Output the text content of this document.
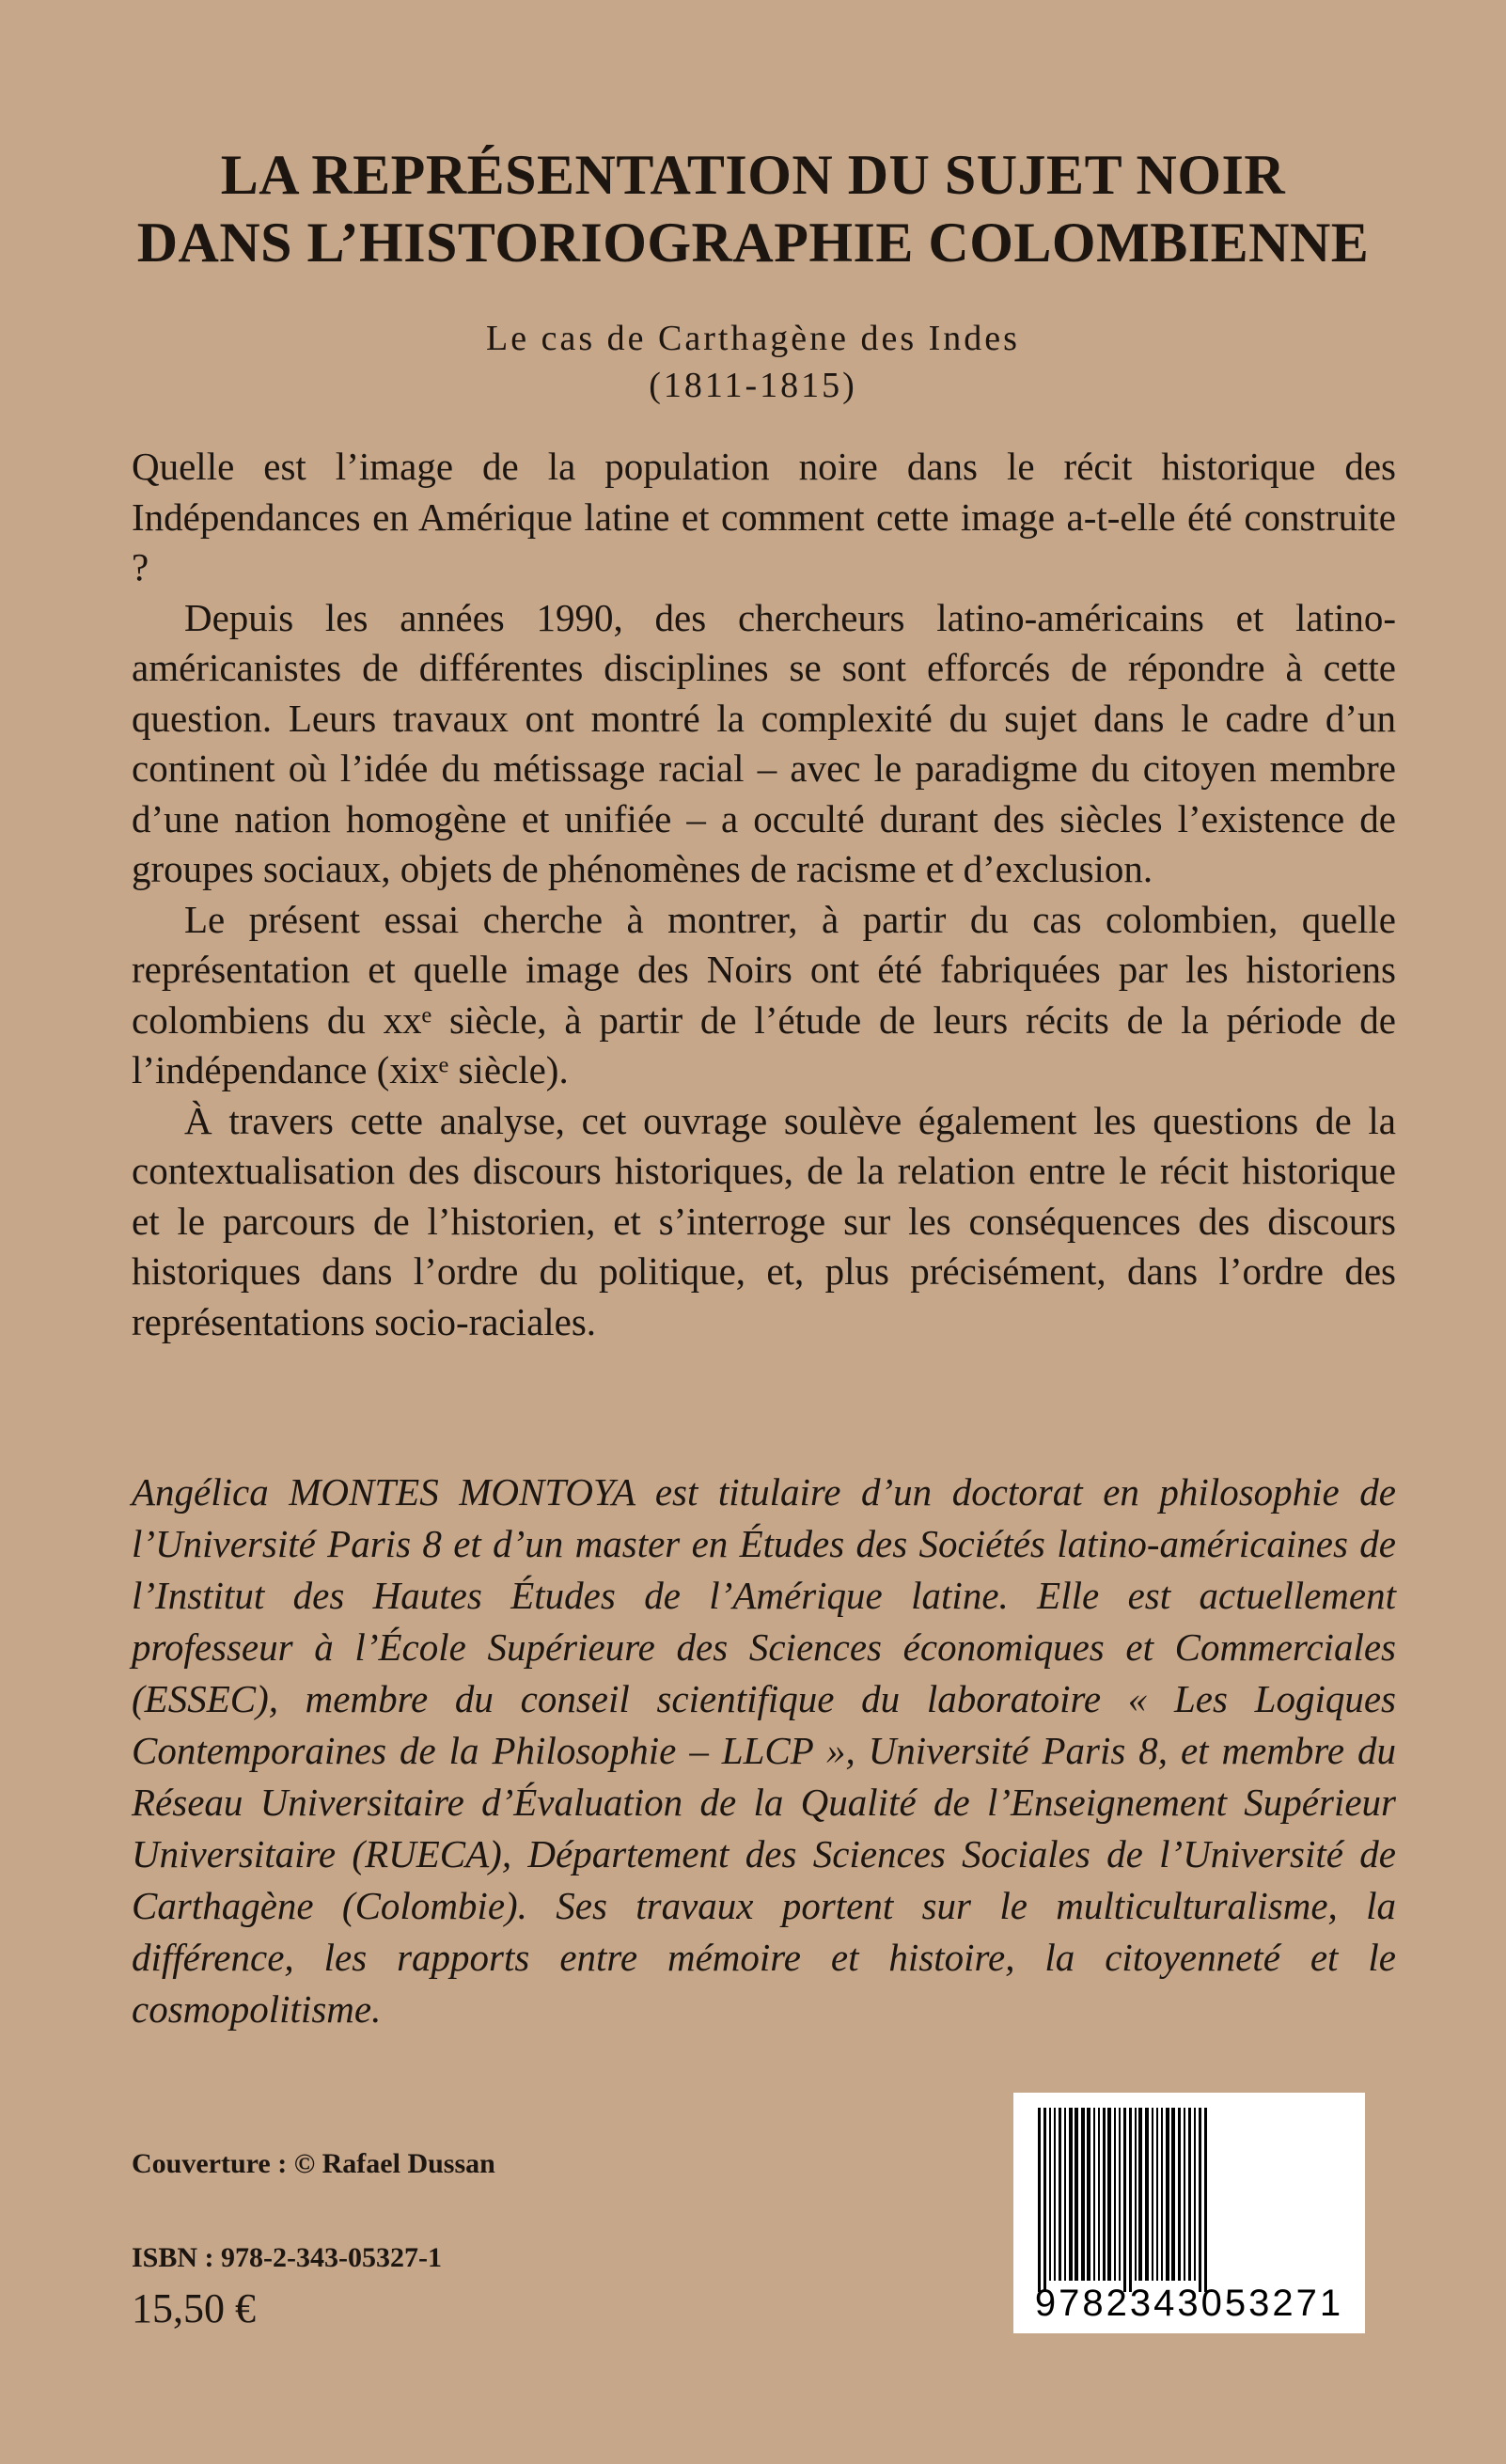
LA REPRÉSENTATION DU SUJET NOIR
DANS L’HISTORIOGRAPHIE COLOMBIENNE
Le cas de Carthagène des Indes
(1811-1815)

Quelle est l’image de la population noire dans le récit historique des Indépendances en Amérique latine et comment cette image a-t-elle été construite ?

Depuis les années 1990, des chercheurs latino-américains et latino-américanistes de différentes disciplines se sont efforcés de répondre à cette question. Leurs travaux ont montré la complexité du sujet dans le cadre d’un continent où l’idée du métissage racial – avec le paradigme du citoyen membre d’une nation homogène et unifiée – a occulté durant des siècles l’existence de groupes sociaux, objets de phénomènes de racisme et d’exclusion.

Le présent essai cherche à montrer, à partir du cas colombien, quelle représentation et quelle image des Noirs ont été fabriquées par les historiens colombiens du xxᵉ siècle, à partir de l’étude de leurs récits de la période de l’indépendance (xixᵉ siècle).

À travers cette analyse, cet ouvrage soulève également les questions de la contextualisation des discours historiques, de la relation entre le récit historique et le parcours de l’historien, et s’interroge sur les conséquences des discours historiques dans l’ordre du politique, et, plus précisément, dans l’ordre des représentations socio-raciales.

Angélica MONTES MONTOYA est titulaire d’un doctorat en philosophie de l’Université Paris 8 et d’un master en Études des Sociétés latino-américaines de l’Institut des Hautes Études de l’Amérique latine. Elle est actuellement professeur à l’École Supérieure des Sciences économiques et Commerciales (ESSEC), membre du conseil scientifique du laboratoire « Les Logiques Contemporaines de la Philosophie – LLCP », Université Paris 8, et membre du Réseau Universitaire d’Évaluation de la Qualité de l’Enseignement Supérieur Universitaire (RUECA), Département des Sciences Sociales de l’Université de Carthagène (Colombie). Ses travaux portent sur le multiculturalisme, la différence, les rapports entre mémoire et histoire, la citoyenneté et le cosmopolitisme.

Couverture : © Rafael Dussan

ISBN : 978-2-343-05327-1

15,50 €	9782343053271
